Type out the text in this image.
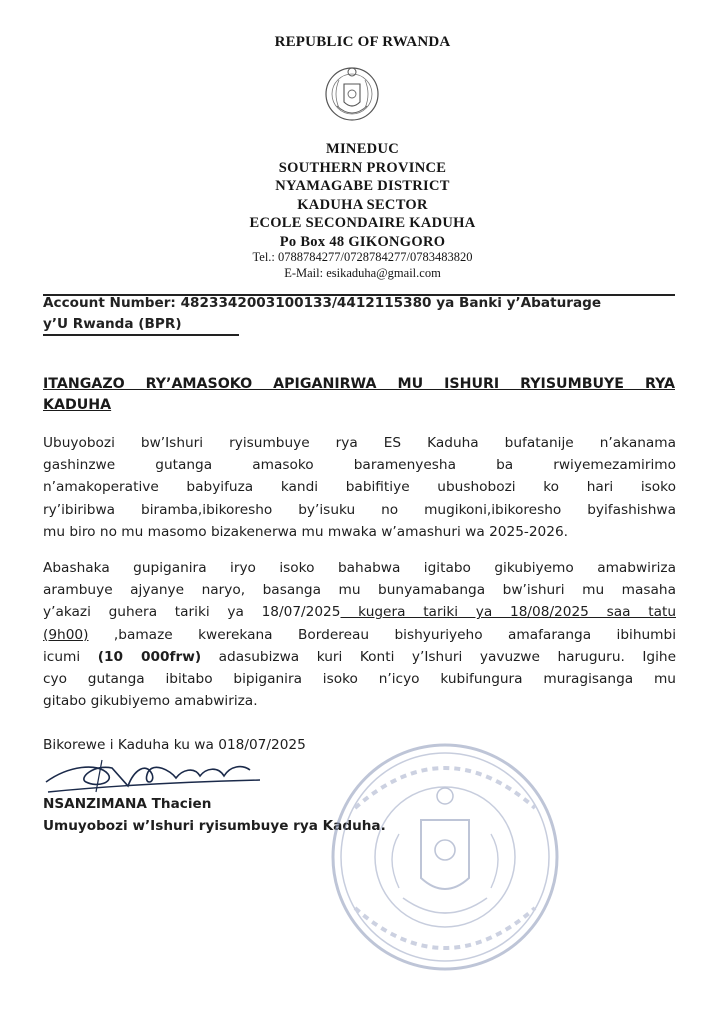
REPUBLIC OF RWANDA
MINEDUC
SOUTHERN PROVINCE
NYAMAGABE DISTRICT
KADUHA SECTOR
ECOLE SECONDAIRE KADUHA
Po Box 48 GIKONGORO
Tel.: 0788784277/0728784277/0783483820
E-Mail: esikaduha@gmail.com
Account Number: 4823342003100133/4412115380 ya Banki y’Abaturage
y’U Rwanda (BPR)
ITANGAZO RY’AMASOKO APIGANIRWA MU ISHURI RYISUMBUYE RYA
KADUHA
Ubuyobozi bw’Ishuri ryisumbuye rya ES Kaduha bufatanije n’akanama
gashinzwe gutanga amasoko baramenyesha ba rwiyemezamirimo
n’amakoperative babyifuza kandi babifitiye ubushobozi ko hari isoko
ry’ibiribwa biramba,ibikoresho by’isuku no mugikoni,ibikoresho byifashishwa
mu biro no mu masomo bizakenerwa mu mwaka w’amashuri wa 2025-2026.
Abashaka gupiganira iryo isoko bahabwa igitabo gikubiyemo amabwiriza
arambuye ajyanye naryo, basanga mu bunyamabanga bw’ishuri mu masaha
y’akazi guhera tariki ya 18/07/2025 kugera tariki ya 18/08/2025 saa tatu
(9h00) ,bamaze kwerekana Bordereau bishyuriyeho amafaranga ibihumbi
icumi (10 000frw) adasubizwa kuri Konti y’Ishuri yavuzwe haruguru. Igihe
cyo gutanga ibitabo bipiganira isoko n’icyo kubifungura muragisanga mu
gitabo gikubiyemo amabwiriza.
Bikorewe i Kaduha ku wa 018/07/2025
NSANZIMANA Thacien
Umuyobozi w’Ishuri ryisumbuye rya Kaduha.
